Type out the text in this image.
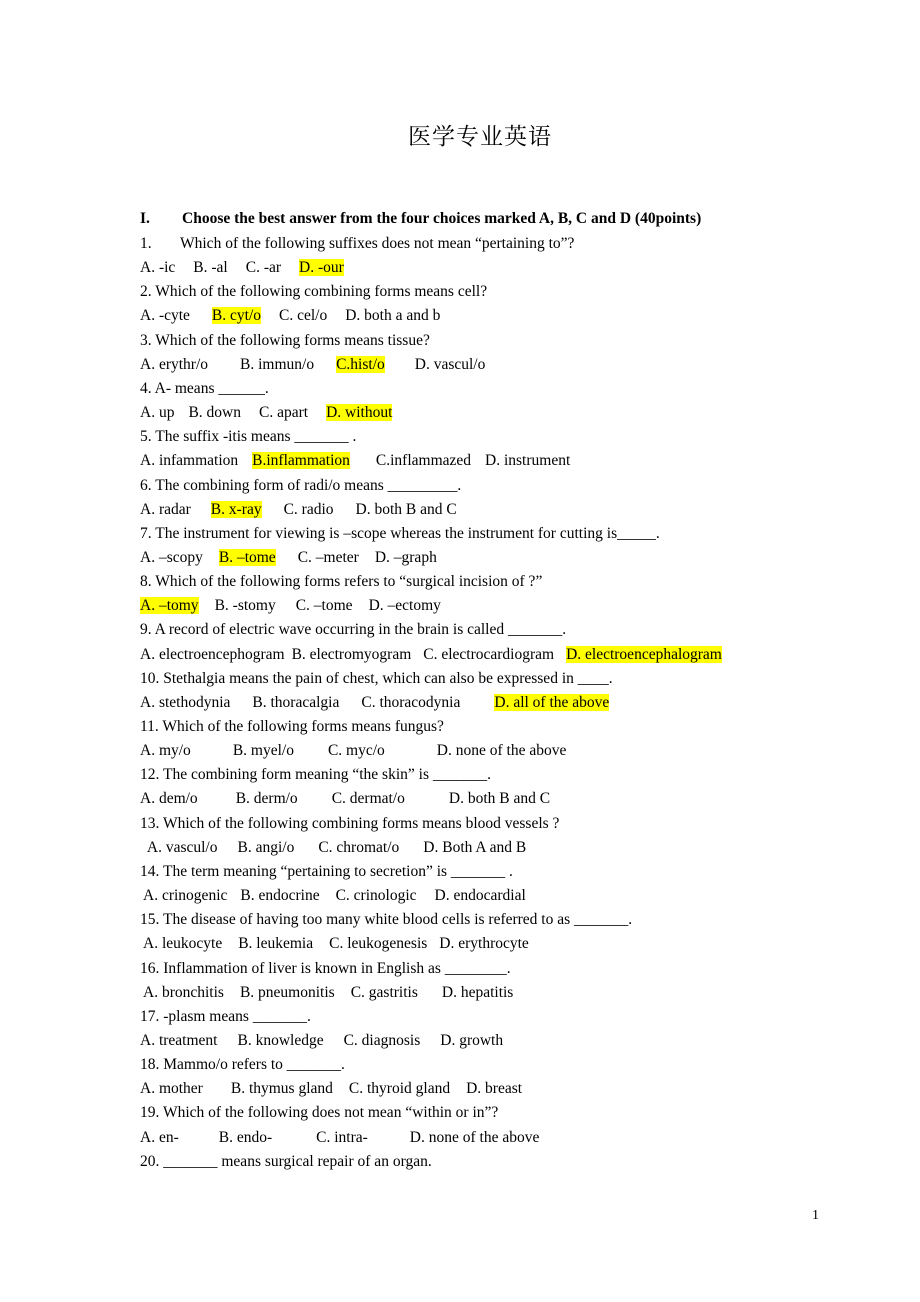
医学专业英语
I. Choose the best answer from the four choices marked A, B, C and D (40points)
1. Which of the following suffixes does not mean “pertaining to”?
A. -ic B. -al C. -ar D. -our
2. Which of the following combining forms means cell?
A. -cyte B. cyt/o C. cel/o D. both a and b
3. Which of the following forms means tissue?
A. erythr/o B. immun/o C.hist/o D. vascul/o
4. A- means ______.
A. up B. down C. apart D. without
5. The suffix -itis means _______ .
A. infammation B.inflammation C.inflammazed D. instrument
6. The combining form of radi/o means _________.
A. radar B. x-ray C. radio D. both B and C
7. The instrument for viewing is –scope whereas the instrument for cutting is_____.
A. –scopy B. –tome C. –meter D. –graph
8. Which of the following forms refers to “surgical incision of ?”
A. –tomy B. -stomy C. –tome D. –ectomy
9. A record of electric wave occurring in the brain is called _______.
A. electroencephogram B. electromyogram C. electrocardiogram D. electroencephalogram
10. Stethalgia means the pain of chest, which can also be expressed in ____.
A. stethodynia B. thoracalgia C. thoracodynia D. all of the above
11. Which of the following forms means fungus?
A. my/o	B. myel/o C. myc/o	D. none of the above
12. The combining form meaning “the skin” is _______.
A. dem/o B. derm/o C. dermat/o	D. both B and C
13. Which of the following combining forms means blood vessels ?
A. vascul/o B. angi/o C. chromat/o D. Both A and B
14. The term meaning “pertaining to secretion” is _______ .
A. crinogenic B. endocrine C. crinologic D. endocardial
15. The disease of having too many white blood cells is referred to as _______.
A. leukocyte B. leukemia C. leukogenesis D. erythrocyte
16. Inflammation of liver is known in English as ________.
A. bronchitis B. pneumonitis C. gastritis D. hepatitis
17. -plasm means _______.
A. treatment B. knowledge C. diagnosis D. growth
18. Mammo/o refers to _______.
A. mother B. thymus gland C. thyroid gland D. breast
19. Which of the following does not mean “within or in”?
A. en-	B. endo-	C. intra-	D. none of the above
20. _______ means surgical repair of an organ.
1
